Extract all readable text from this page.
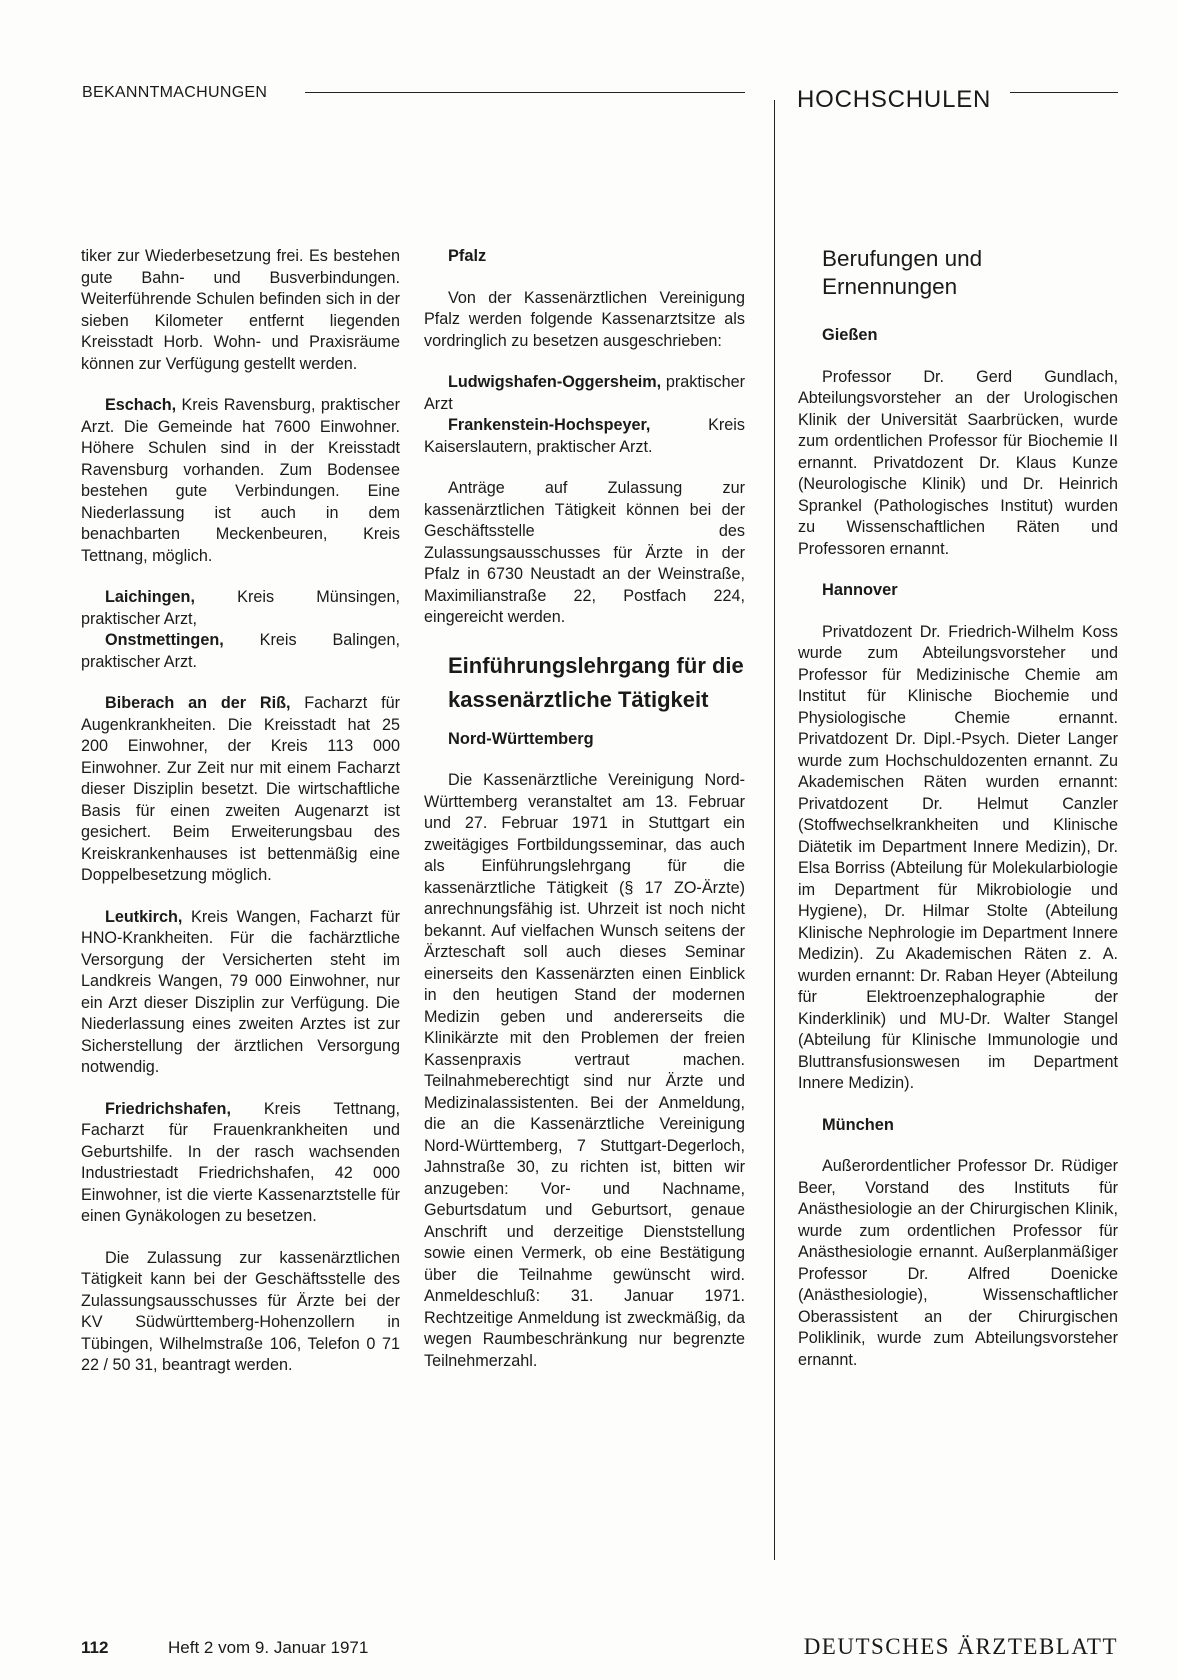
BEKANNTMACHUNGEN	HOCHSCHULEN

tiker zur Wiederbesetzung frei. Es bestehen gute Bahn- und Busverbindungen. Weiterführende Schulen befinden sich in der sieben Kilometer entfernt liegenden Kreisstadt Horb. Wohn- und Praxisräume können zur Verfügung gestellt werden.

Eschach, Kreis Ravensburg, praktischer Arzt. Die Gemeinde hat 7600 Einwohner. Höhere Schulen sind in der Kreisstadt Ravensburg vorhanden. Zum Bodensee bestehen gute Verbindungen. Eine Niederlassung ist auch in dem benachbarten Meckenbeuren, Kreis Tettnang, möglich.

Laichingen, Kreis Münsingen, praktischer Arzt,

Onstmettingen, Kreis Balingen, praktischer Arzt.

Biberach an der Riß, Facharzt für Augenkrankheiten. Die Kreisstadt hat 25 200 Einwohner, der Kreis 113 000 Einwohner. Zur Zeit nur mit einem Facharzt dieser Disziplin besetzt. Die wirtschaftliche Basis für einen zweiten Augenarzt ist gesichert. Beim Erweiterungsbau des Kreiskrankenhauses ist bettenmäßig eine Doppelbesetzung möglich.

Leutkirch, Kreis Wangen, Facharzt für HNO-Krankheiten. Für die fachärztliche Versorgung der Versicherten steht im Landkreis Wangen, 79 000 Einwohner, nur ein Arzt dieser Disziplin zur Verfügung. Die Niederlassung eines zweiten Arztes ist zur Sicherstellung der ärztlichen Versorgung notwendig.

Friedrichshafen, Kreis Tettnang, Facharzt für Frauenkrankheiten und Geburtshilfe. In der rasch wachsenden Industriestadt Friedrichshafen, 42 000 Einwohner, ist die vierte Kassenarztstelle für einen Gynäkologen zu besetzen.

Die Zulassung zur kassenärztlichen Tätigkeit kann bei der Geschäftsstelle des Zulassungsausschusses für Ärzte bei der KV Südwürttemberg-Hohenzollern in Tübingen, Wilhelmstraße 106, Telefon 0 71 22 / 50 31, beantragt werden.

Pfalz

Von der Kassenärztlichen Vereinigung Pfalz werden folgende Kassenarztsitze als vordringlich zu besetzen ausgeschrieben:

Ludwigshafen-Oggersheim, praktischer Arzt

Frankenstein-Hochspeyer, Kreis Kaiserslautern, praktischer Arzt.

Anträge auf Zulassung zur kassenärztlichen Tätigkeit können bei der Geschäftsstelle des Zulassungsausschusses für Ärzte in der Pfalz in 6730 Neustadt an der Weinstraße, Maximilianstraße 22, Postfach 224, eingereicht werden.

Einführungslehrgang für die kassenärztliche Tätigkeit
Nord-Württemberg

Die Kassenärztliche Vereinigung Nord-Württemberg veranstaltet am 13. Februar und 27. Februar 1971 in Stuttgart ein zweitägiges Fortbildungsseminar, das auch als Einführungslehrgang für die kassenärztliche Tätigkeit (§ 17 ZO-Ärzte) anrechnungsfähig ist. Uhrzeit ist noch nicht bekannt. Auf vielfachen Wunsch seitens der Ärzteschaft soll auch dieses Seminar einerseits den Kassenärzten einen Einblick in den heutigen Stand der modernen Medizin geben und andererseits die Klinikärzte mit den Problemen der freien Kassenpraxis vertraut machen. Teilnahmeberechtigt sind nur Ärzte und Medizinalassistenten. Bei der Anmeldung, die an die Kassenärztliche Vereinigung Nord-Württemberg, 7 Stuttgart-Degerloch, Jahnstraße 30, zu richten ist, bitten wir anzugeben: Vor- und Nachname, Geburtsdatum und Geburtsort, genaue Anschrift und derzeitige Dienststellung sowie einen Vermerk, ob eine Bestätigung über die Teilnahme gewünscht wird. Anmeldeschluß: 31. Januar 1971. Rechtzeitige Anmeldung ist zweckmäßig, da wegen Raumbeschränkung nur begrenzte Teilnehmerzahl.

Berufungen und Ernennungen
Gießen

Professor Dr. Gerd Gundlach, Abteilungsvorsteher an der Urologischen Klinik der Universität Saarbrücken, wurde zum ordentlichen Professor für Biochemie II ernannt. Privatdozent Dr. Klaus Kunze (Neurologische Klinik) und Dr. Heinrich Sprankel (Pathologisches Institut) wurden zu Wissenschaftlichen Räten und Professoren ernannt.

Hannover

Privatdozent Dr. Friedrich-Wilhelm Koss wurde zum Abteilungsvorsteher und Professor für Medizinische Chemie am Institut für Klinische Biochemie und Physiologische Chemie ernannt. Privatdozent Dr. Dipl.-Psych. Dieter Langer wurde zum Hochschuldozenten ernannt. Zu Akademischen Räten wurden ernannt: Privatdozent Dr. Helmut Canzler (Stoffwechselkrankheiten und Klinische Diätetik im Department Innere Medizin), Dr. Elsa Borriss (Abteilung für Molekularbiologie im Department für Mikrobiologie und Hygiene), Dr. Hilmar Stolte (Abteilung Klinische Nephrologie im Department Innere Medizin). Zu Akademischen Räten z. A. wurden ernannt: Dr. Raban Heyer (Abteilung für Elektroenzephalographie der Kinderklinik) und MU-Dr. Walter Stangel (Abteilung für Klinische Immunologie und Bluttransfusionswesen im Department Innere Medizin).

München

Außerordentlicher Professor Dr. Rüdiger Beer, Vorstand des Instituts für Anästhesiologie an der Chirurgischen Klinik, wurde zum ordentlichen Professor für Anästhesiologie ernannt. Außerplanmäßiger Professor Dr. Alfred Doenicke (Anästhesiologie), Wissenschaftlicher Oberassistent an der Chirurgischen Poliklinik, wurde zum Abteilungsvorsteher ernannt.

112	Heft 2 vom 9. Januar 1971	DEUTSCHES ÄRZTEBLATT
